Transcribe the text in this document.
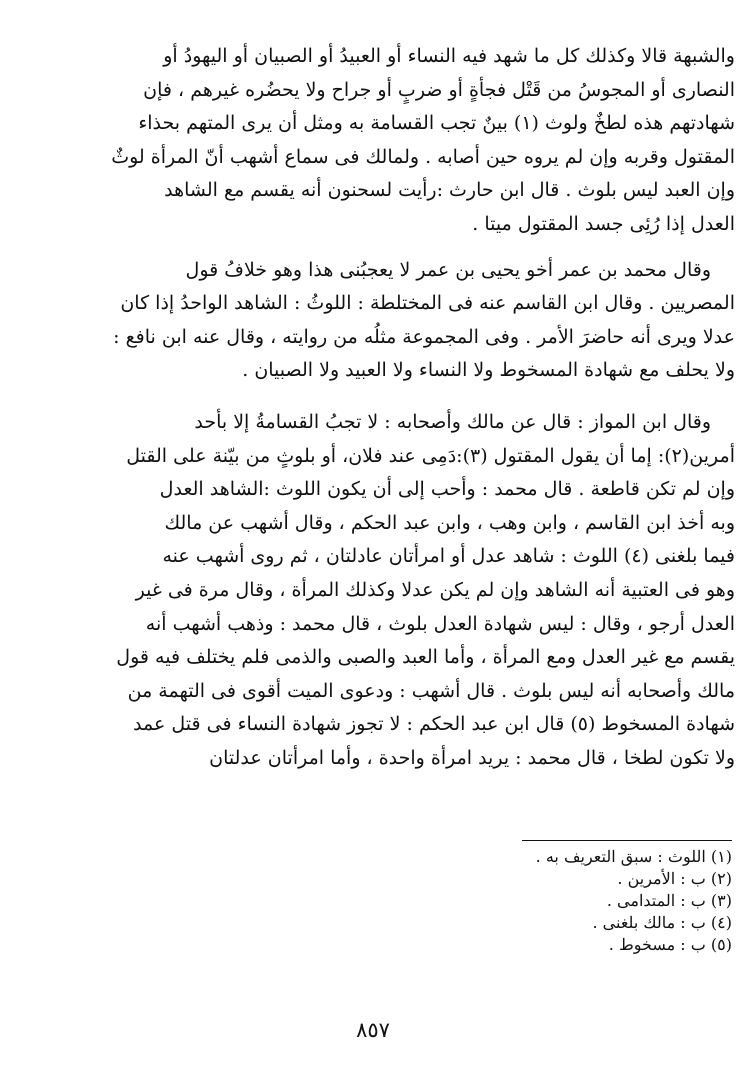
والشبهة قالا وكذلك كل ما شهد فيه النساء أو العبيدُ أو الصبيان أو اليهودُ أو

النصارى أو المجوسُ من قَتْل فجأةٍ أو ضربٍ أو جراح ولا يحضُره غيرهم ، فإن

شهادتهم هذه لطخٌ ولوث (١) بينٌ تجب القسامة به ومثل أن يرى المتهم بحذاء

المقتول وقربه وإن لم يروه حين أصابه . ولمالك فى سماع أشهب أنّ المرأة لوثٌ

وإن العبد ليس بلوث . قال ابن حارث :رأيت لسحنون أنه يقسم مع الشاهد

العدل إذا رُئِى جسد المقتول ميتا .

وقال محمد بن عمر أخو يحيى بن عمر لا يعجبُنى هذا وهو خلافُ قول

المصريين . وقال ابن القاسم عنه فى المختلطة : اللوثُ : الشاهد الواحدُ إذا كان

عدلا ويرى أنه حاضرَ الأمر . وفى المجموعة مثلُه من روايته ، وقال عنه ابن نافع :

ولا يحلف مع شهادة المسخوط ولا النساء ولا العبيد ولا الصبيان .

وقال ابن المواز : قال عن مالك وأصحابه : لا تجبُ القسامةُ إلا بأحد

أمرين(٢): إما أن يقول المقتول (٣):دَمِى عند فلان، أو بلوثٍ من بيّنة على القتل

وإن لم تكن قاطعة . قال محمد : وأحب إلى أن يكون اللوث :الشاهد العدل

وبه أخذ ابن القاسم ، وابن وهب ، وابن عبد الحكم ، وقال أشهب عن مالك

فيما بلغنى (٤) اللوث : شاهد عدل أو امرأتان عادلتان ، ثم روى أشهب عنه

وهو فى العتبية أنه الشاهد وإن لم يكن عدلا وكذلك المرأة ، وقال مرة فى غير

العدل أرجو ، وقال : ليس شهادة العدل بلوث ، قال محمد : وذهب أشهب أنه

يقسم مع غير العدل ومع المرأة ، وأما العبد والصبى والذمى فلم يختلف فيه قول

مالك وأصحابه أنه ليس بلوث . قال أشهب : ودعوى الميت أقوى فى التهمة من

شهادة المسخوط (٥) قال ابن عبد الحكم : لا تجوز شهادة النساء فى قتل عمد

ولا تكون لطخا ، قال محمد : يريد امرأة واحدة ، وأما امرأتان عدلتان

(١) اللوث : سبق التعريف به .
(٢) ب : الأمرين .
(٣) ب : المتدامى .
(٤) ب : مالك بلغنى .
(٥) ب : مسخوط .
٨٥٧
